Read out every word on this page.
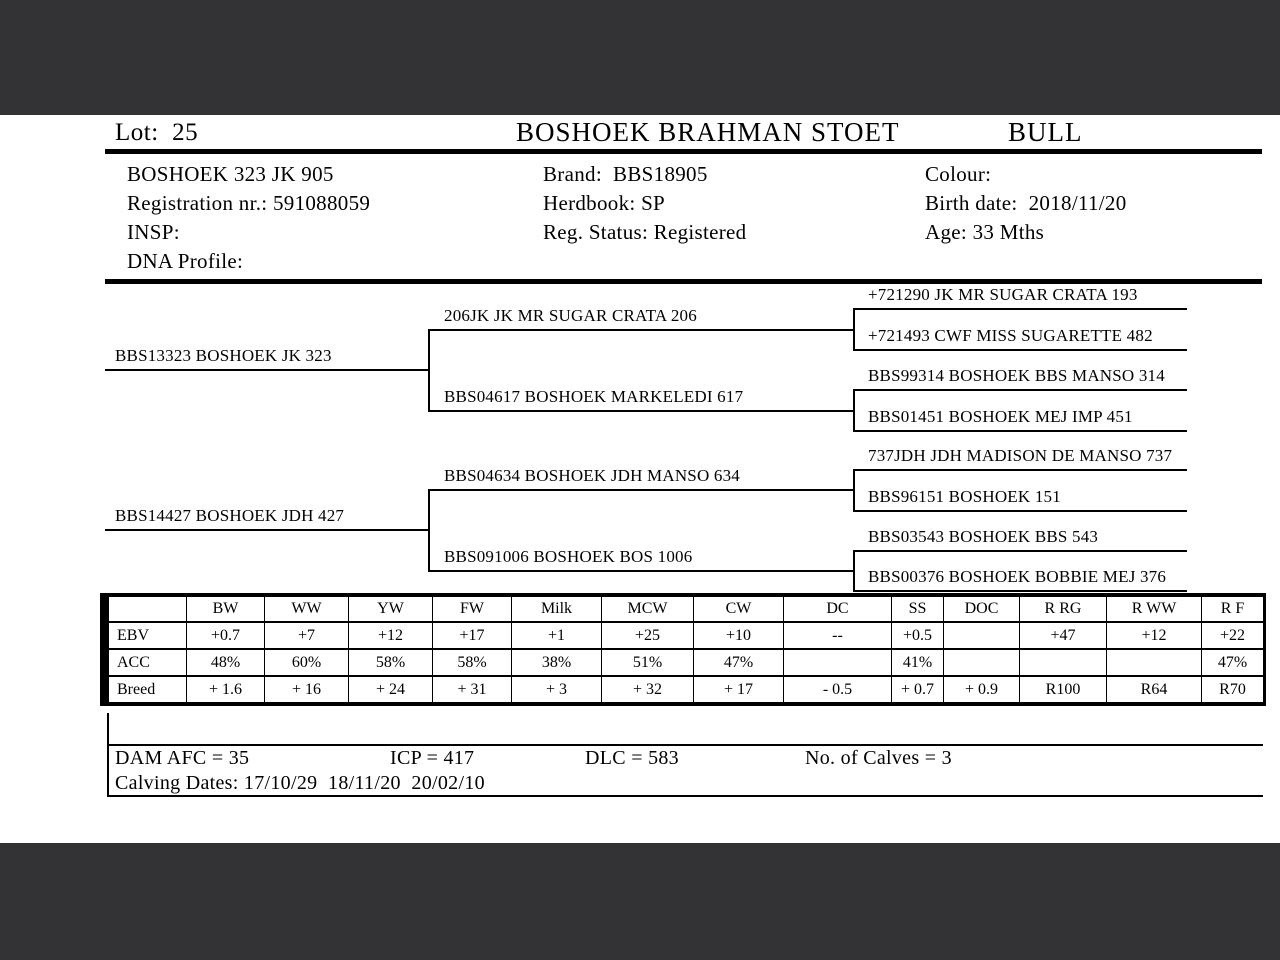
Lot:  25	BOSHOEK BRAHMAN STOET	BULL
BOSHOEK 323 JK 905
Registration nr.: 591088059
INSP:
DNA Profile:
Brand:  BBS18905
Herdbook: SP
Reg. Status: Registered
Colour:
Birth date:  2018/11/20
Age: 33 Mths
BBS13323 BOSHOEK JK 323
BBS14427 BOSHOEK JDH 427
206JK JK MR SUGAR CRATA 206
BBS04617 BOSHOEK MARKELEDI 617
BBS04634 BOSHOEK JDH MANSO 634
BBS091006 BOSHOEK BOS 1006
+721290 JK MR SUGAR CRATA 193
+721493 CWF MISS SUGARETTE 482
BBS99314 BOSHOEK BBS MANSO 314
BBS01451 BOSHOEK MEJ IMP 451
737JDH JDH MADISON DE MANSO 737
BBS96151 BOSHOEK 151
BBS03543 BOSHOEK BBS 543
BBS00376 BOSHOEK BOBBIE MEJ 376
	BW	WW	YW	FW	Milk	MCW	CW	DC	SS	DOC	R RG	R WW	R F
EBV	+0.7	+7	+12	+17	+1	+25	+10	--	+0.5		+47	+12	+22
ACC	48%	60%	58%	58%	38%	51%	47%		41%				47%
Breed	+ 1.6	+ 16	+ 24	+ 31	+ 3	+ 32	+ 17	- 0.5	+ 0.7	+ 0.9	R100	R64	R70
DAM AFC = 35	ICP = 417	DLC = 583	No. of Calves = 3
Calving Dates: 17/10/29  18/11/20  20/02/10
